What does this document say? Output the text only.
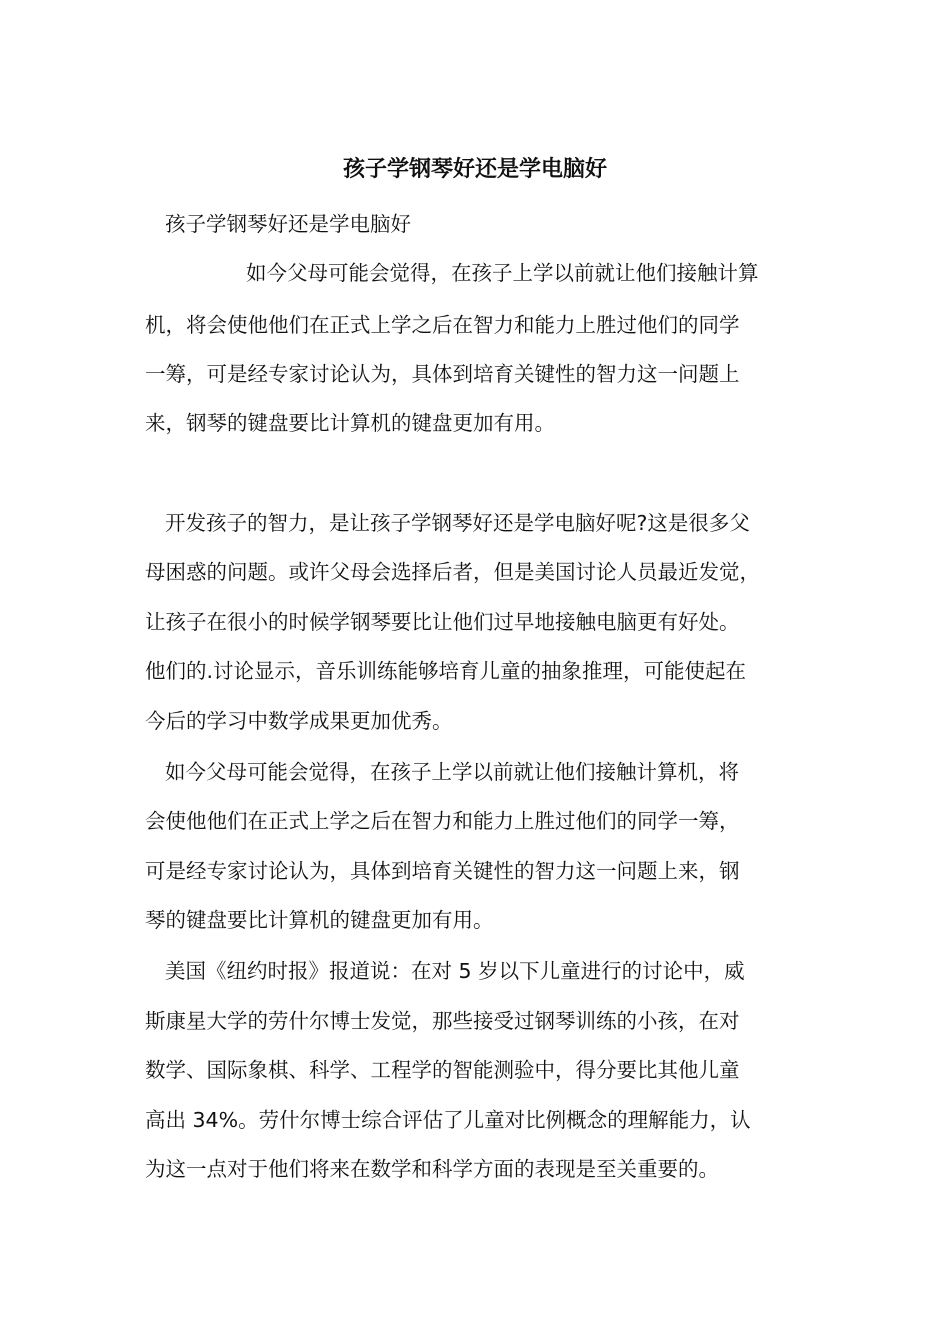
孩子学钢琴好还是学电脑好

孩子学钢琴好还是学电脑好

如今父母可能会觉得，在孩子上学以前就让他们接触计算

机，将会使他他们在正式上学之后在智力和能力上胜过他们的同学

一筹，可是经专家讨论认为，具体到培育关键性的智力这一问题上

来，钢琴的键盘要比计算机的键盘更加有用。

开发孩子的智力，是让孩子学钢琴好还是学电脑好呢?这是很多父

母困惑的问题。或许父母会选择后者，但是美国讨论人员最近发觉，

让孩子在很小的时候学钢琴要比让他们过早地接触电脑更有好处。

他们的.讨论显示，音乐训练能够培育儿童的抽象推理，可能使起在

今后的学习中数学成果更加优秀。

如今父母可能会觉得，在孩子上学以前就让他们接触计算机，将

会使他他们在正式上学之后在智力和能力上胜过他们的同学一筹，

可是经专家讨论认为，具体到培育关键性的智力这一问题上来，钢

琴的键盘要比计算机的键盘更加有用。

美国《纽约时报》报道说：在对 5 岁以下儿童进行的讨论中，威

斯康星大学的劳什尔博士发觉，那些接受过钢琴训练的小孩，在对

数学、国际象棋、科学、工程学的智能测验中，得分要比其他儿童

高出 34%。劳什尔博士综合评估了儿童对比例概念的理解能力，认

为这一点对于他们将来在数学和科学方面的表现是至关重要的。
